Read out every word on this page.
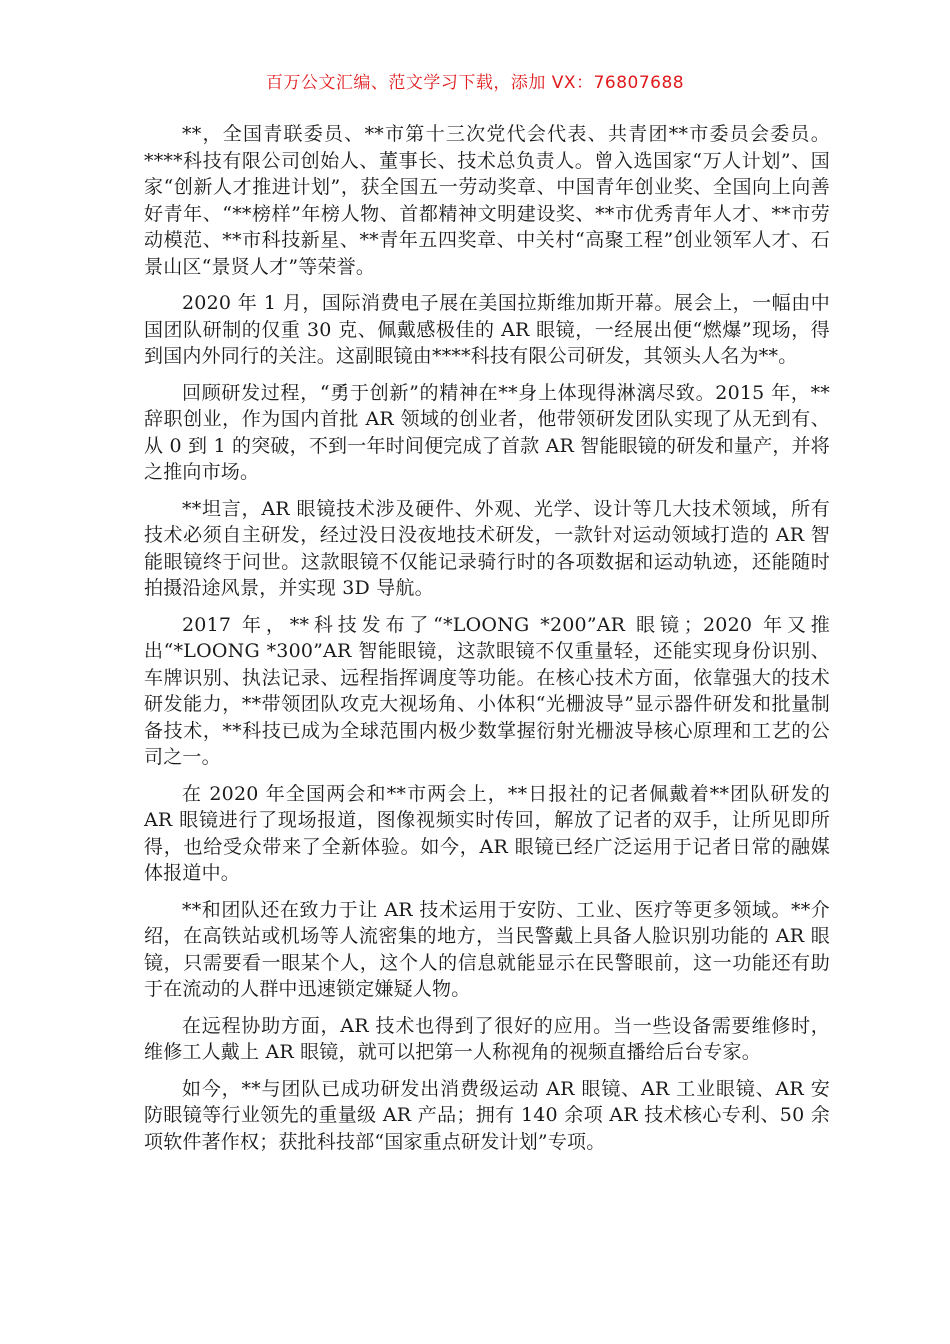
百万公文汇编、范文学习下载，添加 VX：76807688

**，全国青联委员、**市第十三次党代会代表、共青团**市委员会委员。****科技有限公司创始人、董事长、技术总负责人。曾入选国家“万人计划”、国家“创新人才推进计划”，获全国五一劳动奖章、中国青年创业奖、全国向上向善好青年、“**榜样”年榜人物、首都精神文明建设奖、**市优秀青年人才、**市劳动模范、**市科技新星、**青年五四奖章、中关村“高聚工程”创业领军人才、石景山区“景贤人才”等荣誉。

2020 年 1 月，国际消费电子展在美国拉斯维加斯开幕。展会上，一幅由中国团队研制的仅重 30 克、佩戴感极佳的 AR 眼镜，一经展出便“燃爆”现场，得到国内外同行的关注。这副眼镜由****科技有限公司研发，其领头人名为**。

回顾研发过程，“勇于创新”的精神在**身上体现得淋漓尽致。2015 年，**辞职创业，作为国内首批 AR 领域的创业者，他带领研发团队实现了从无到有、从 0 到 1 的突破，不到一年时间便完成了首款 AR 智能眼镜的研发和量产，并将之推向市场。

**坦言，AR 眼镜技术涉及硬件、外观、光学、设计等几大技术领域，所有技术必须自主研发，经过没日没夜地技术研发，一款针对运动领域打造的 AR 智能眼镜终于问世。这款眼镜不仅能记录骑行时的各项数据和运动轨迹，还能随时拍摄沿途风景，并实现 3D 导航。

2017 年，**科技发布了“*LOONG *200”AR 眼镜；2020 年又推出“*LOONG *300”AR 智能眼镜，这款眼镜不仅重量轻，还能实现身份识别、车牌识别、执法记录、远程指挥调度等功能。在核心技术方面，依靠强大的技术研发能力，**带领团队攻克大视场角、小体积“光栅波导”显示器件研发和批量制备技术，**科技已成为全球范围内极少数掌握衍射光栅波导核心原理和工艺的公司之一。

在 2020 年全国两会和**市两会上，**日报社的记者佩戴着**团队研发的 AR 眼镜进行了现场报道，图像视频实时传回，解放了记者的双手，让所见即所得，也给受众带来了全新体验。如今，AR 眼镜已经广泛运用于记者日常的融媒体报道中。

**和团队还在致力于让 AR 技术运用于安防、工业、医疗等更多领域。**介绍，在高铁站或机场等人流密集的地方，当民警戴上具备人脸识别功能的 AR 眼镜，只需要看一眼某个人，这个人的信息就能显示在民警眼前，这一功能还有助于在流动的人群中迅速锁定嫌疑人物。

在远程协助方面，AR 技术也得到了很好的应用。当一些设备需要维修时，维修工人戴上 AR 眼镜，就可以把第一人称视角的视频直播给后台专家。

如今，**与团队已成功研发出消费级运动 AR 眼镜、AR 工业眼镜、AR 安防眼镜等行业领先的重量级 AR 产品；拥有 140 余项 AR 技术核心专利、50 余项软件著作权；获批科技部“国家重点研发计划”专项。
